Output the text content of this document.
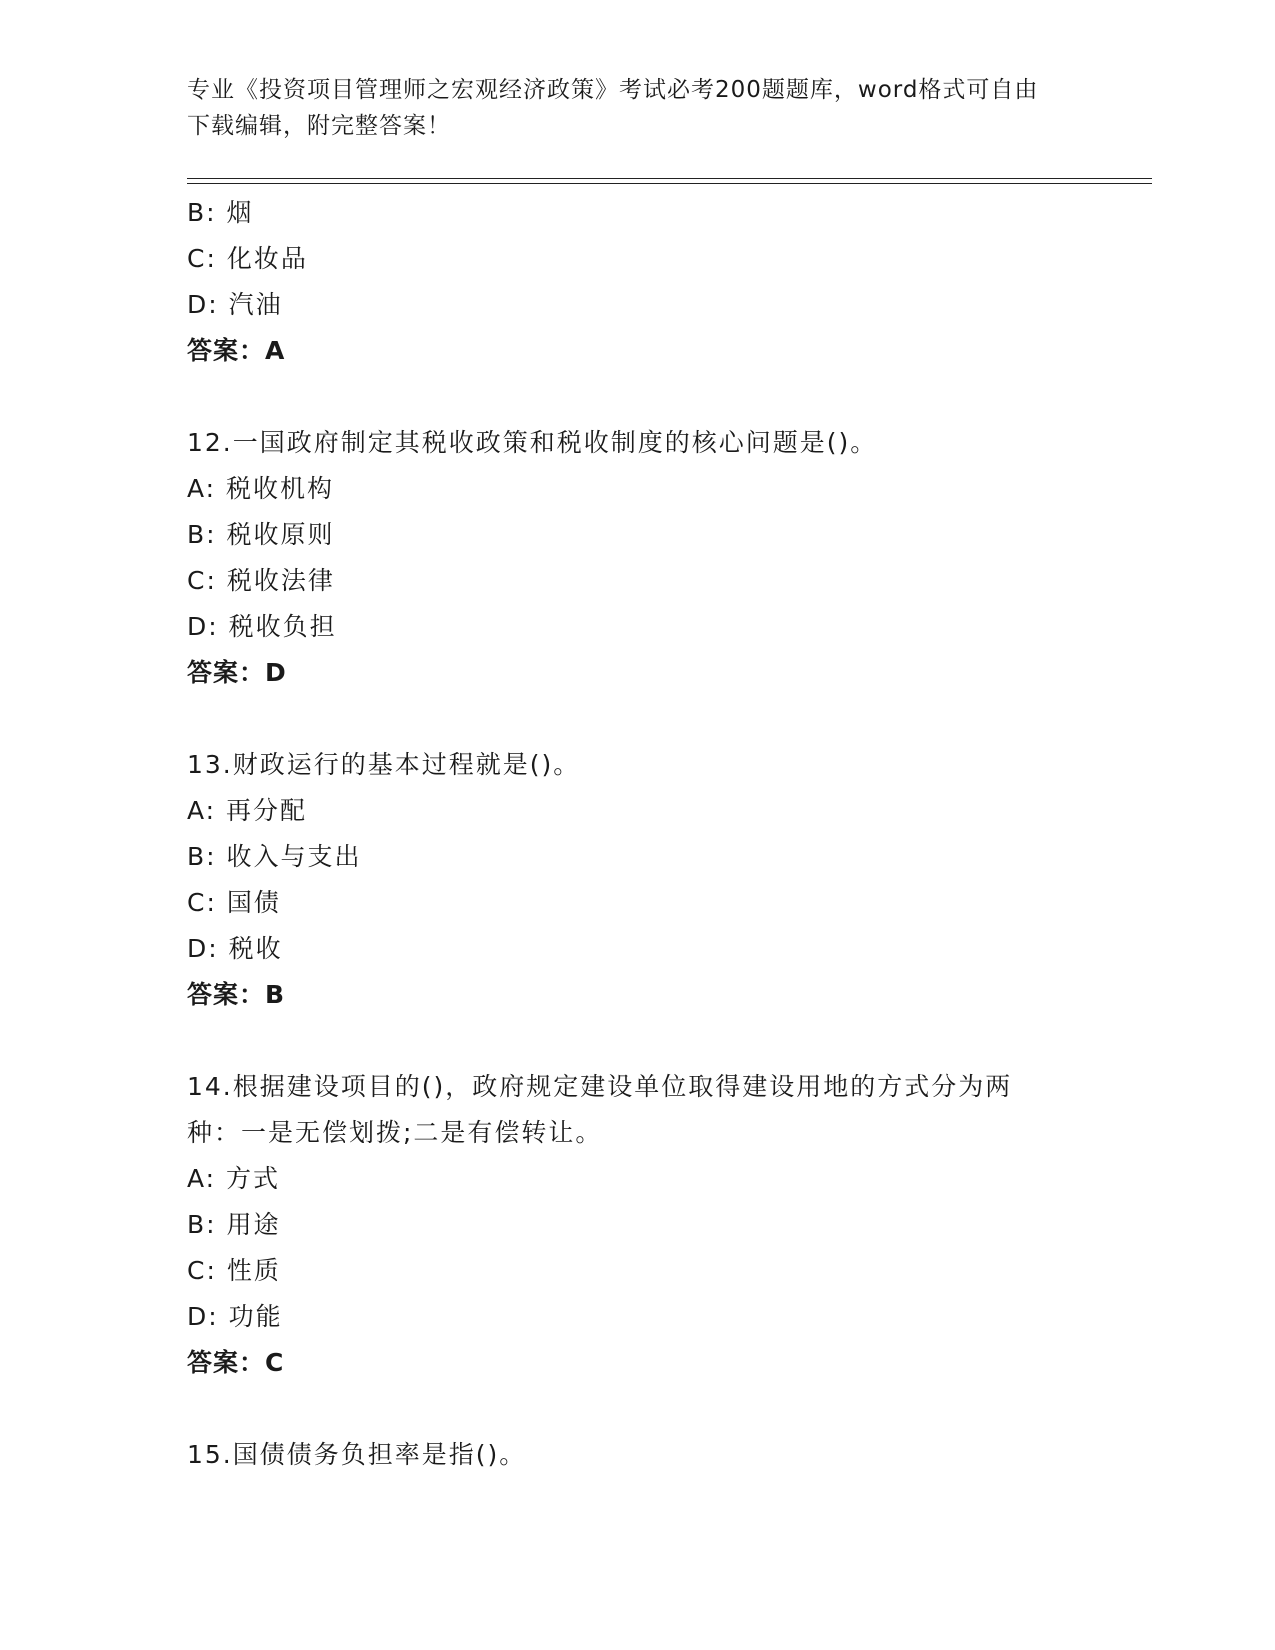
专业《投资项目管理师之宏观经济政策》考试必考200题题库，word格式可自由
下载编辑，附完整答案！
B: 烟
C: 化妆品
D: 汽油
答案：A
12.一国政府制定其税收政策和税收制度的核心问题是()。
A: 税收机构
B: 税收原则
C: 税收法律
D: 税收负担
答案：D
13.财政运行的基本过程就是()。
A: 再分配
B: 收入与支出
C: 国债
D: 税收
答案：B
14.根据建设项目的()，政府规定建设单位取得建设用地的方式分为两
种：一是无偿划拨;二是有偿转让。
A: 方式
B: 用途
C: 性质
D: 功能
答案：C
15.国债债务负担率是指()。
